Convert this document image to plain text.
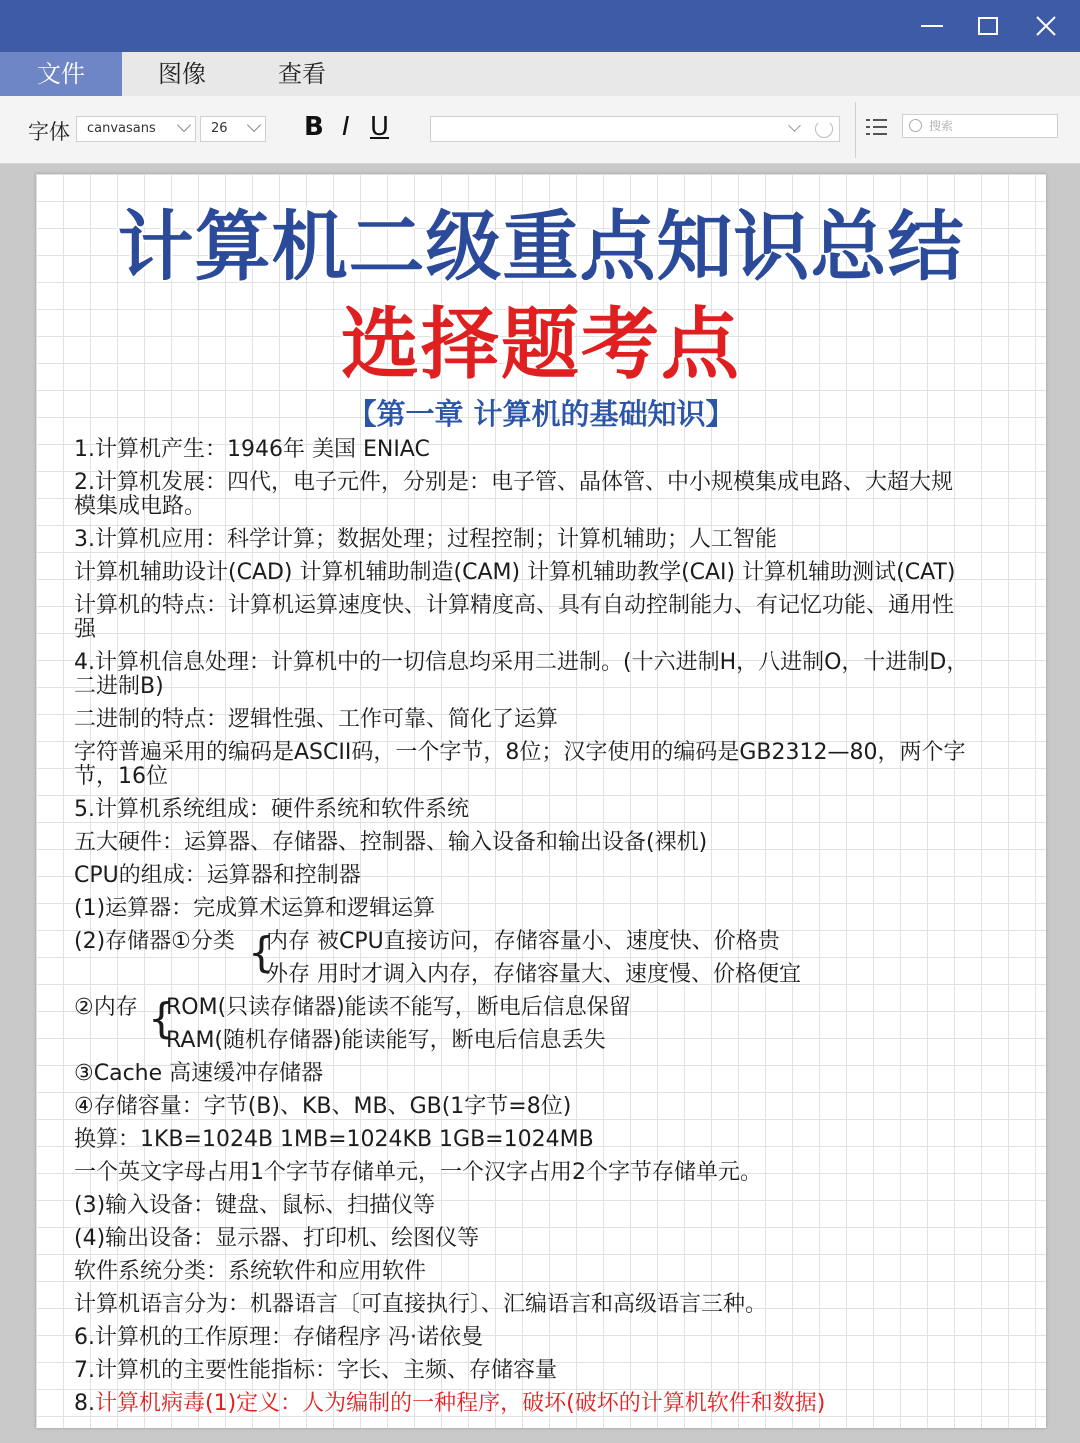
文件	图像	查看
字体	canvasans	26	B I U	搜索
计算机二级重点知识总结
选择题考点
【第一章 计算机的基础知识】
1.计算机产生：1946年 美国 ENIAC
2.计算机发展：四代，电子元件，分别是：电子管、晶体管、中小规模集成电路、大超大规
模集成电路。
3.计算机应用：科学计算；数据处理；过程控制；计算机辅助；人工智能
计算机辅助设计(CAD) 计算机辅助制造(CAM) 计算机辅助教学(CAI) 计算机辅助测试(CAT)
计算机的特点：计算机运算速度快、计算精度高、具有自动控制能力、有记忆功能、通用性
强
4.计算机信息处理：计算机中的一切信息均采用二进制。(十六进制H，八进制O，十进制D，
二进制B)
二进制的特点：逻辑性强、工作可靠、简化了运算
字符普遍采用的编码是ASCII码，一个字节，8位；汉字使用的编码是GB2312—80，两个字
节，16位
5.计算机系统组成：硬件系统和软件系统
五大硬件：运算器、存储器、控制器、输入设备和输出设备(裸机)
CPU的组成：运算器和控制器
(1)运算器：完成算术运算和逻辑运算
(2)存储器①分类 {
内存 被CPU直接访问，存储容量小、速度快、价格贵
外存 用时才调入内存，存储容量大、速度慢、价格便宜
②内存 {
ROM(只读存储器)能读不能写，断电后信息保留
RAM(随机存储器)能读能写，断电后信息丢失
③Cache 高速缓冲存储器
④存储容量：字节(B)、KB、MB、GB(1字节=8位)
换算：1KB=1024B 1MB=1024KB 1GB=1024MB
一个英文字母占用1个字节存储单元，一个汉字占用2个字节存储单元。
(3)输入设备：键盘、鼠标、扫描仪等
(4)输出设备：显示器、打印机、绘图仪等
软件系统分类：系统软件和应用软件
计算机语言分为：机器语言〔可直接执行〕、汇编语言和高级语言三种。
6.计算机的工作原理：存储程序 冯·诺依曼
7.计算机的主要性能指标：字长、主频、存储容量
8.计算机病毒(1)定义：人为编制的一种程序，破坏(破坏的计算机软件和数据)
